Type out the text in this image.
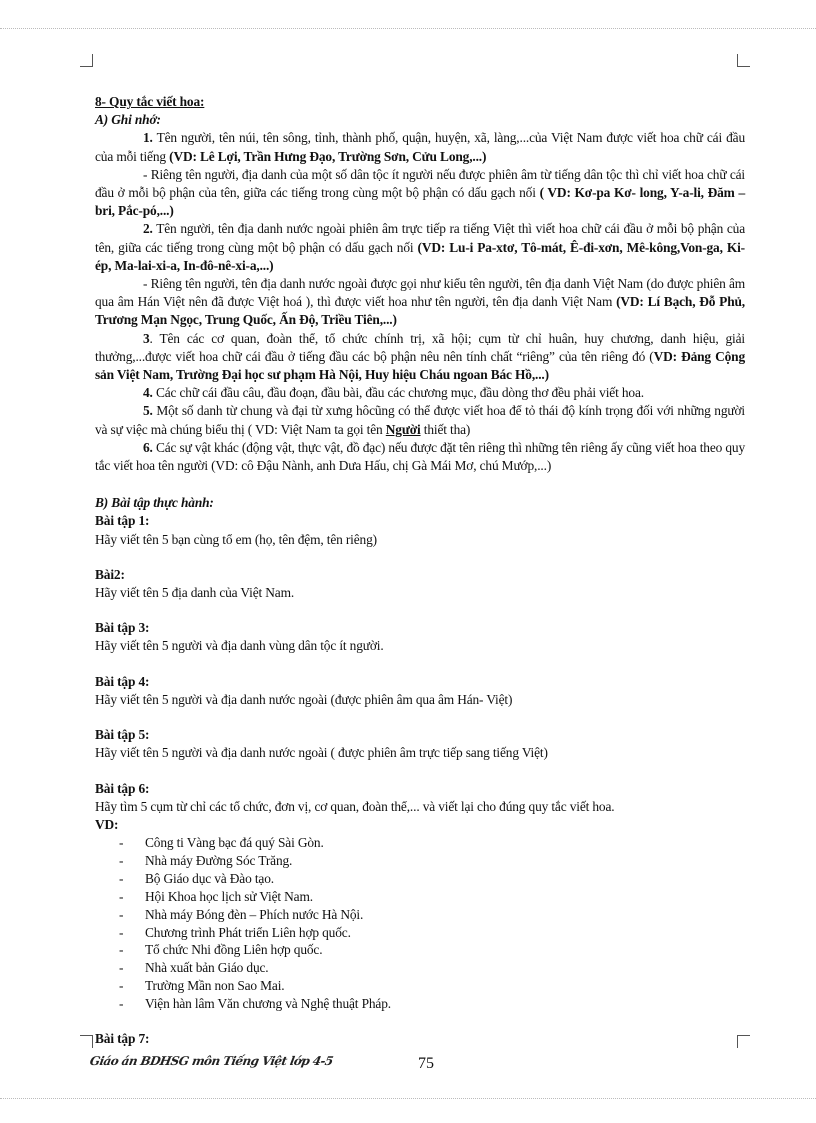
8- Quy tắc viết hoa:

A) Ghi nhớ:

1. Tên người, tên núi, tên sông, tỉnh, thành phố, quận, huyện, xã, làng,...của Việt Nam được viết hoa chữ cái đầu của mỗi tiếng (VD: Lê Lợi, Trần Hưng Đạo, Trường Sơn, Cửu Long,...)

- Riêng tên người, địa danh của một số dân tộc ít người nếu được phiên âm từ tiếng dân tộc thì chỉ viết hoa chữ cái đầu ở mỗi bộ phận của tên, giữa các tiếng trong cùng một bộ phận có dấu gạch nối ( VD: Kơ-pa Kơ- long, Y-a-li, Đăm –bri, Pắc-pó,...)

2. Tên người, tên địa danh nước ngoài phiên âm trực tiếp ra tiếng Việt thì viết hoa chữ cái đầu ở mỗi bộ phận của tên, giữa các tiếng trong cùng một bộ phận có dấu gạch nối (VD: Lu-i Pa-xtơ, Tô-mát, Ê-đi-xơn, Mê-kông,Von-ga, Ki-ép, Ma-lai-xi-a, In-đô-nê-xi-a,...)

- Riêng tên người, tên địa danh nước ngoài được gọi như kiểu tên người, tên địa danh Việt Nam (do được phiên âm qua âm Hán Việt nên đã được Việt hoá ), thì được viết hoa như tên người, tên địa danh Việt Nam (VD: Lí Bạch, Đỗ Phủ, Trương Mạn Ngọc, Trung Quốc, Ấn Độ, Triều Tiên,...)

3. Tên các cơ quan, đoàn thể, tổ chức chính trị, xã hội; cụm từ chỉ huân, huy chương, danh hiệu, giải thưởng,...được viết hoa chữ cái đầu ở tiếng đầu các bộ phận nêu nên tính chất “riêng” của tên riêng đó (VD: Đảng Cộng sản Việt Nam, Trường Đại học sư phạm Hà Nội, Huy hiệu Cháu ngoan Bác Hồ,...)

4. Các chữ cái đầu câu, đầu đoạn, đầu bài, đầu các chương mục, đầu dòng thơ đều phải viết hoa.

5. Một số danh từ chung và đại từ xưng hôcũng có thể được viết hoa để tỏ thái độ kính trọng đối với những người và sự việc mà chúng biểu thị ( VD: Việt Nam ta gọi tên Người thiết tha)

6. Các sự vật khác (động vật, thực vật, đồ đạc) nếu được đặt tên riêng thì những tên riêng ấy cũng viết hoa theo quy tắc viết hoa tên người (VD: cô Đậu Nành, anh Dưa Hấu, chị Gà Mái Mơ, chú Mướp,...)

B) Bài tập thực hành:

Bài tập 1:

Hãy viết tên 5 bạn cùng tổ em (họ, tên đệm, tên riêng)

Bài2:

Hãy viết tên 5 địa danh của Việt Nam.

Bài tập 3:

Hãy viết tên 5 người và địa danh vùng dân tộc ít người.

Bài tập 4:

Hãy viết tên 5 người và địa danh nước ngoài (được phiên âm qua âm Hán- Việt)

Bài tập 5:

Hãy viết tên 5 người và địa danh nước ngoài ( được phiên âm trực tiếp sang tiếng Việt)

Bài tập 6:

Hãy tìm 5 cụm từ chỉ các tổ chức, đơn vị, cơ quan, đoàn thể,... và viết lại cho đúng quy tắc viết hoa.

VD:

- Công ti Vàng bạc đá quý Sài Gòn.
- Nhà máy Đường Sóc Trăng.
- Bộ Giáo dục và Đào tạo.
- Hội Khoa học lịch sử Việt Nam.
- Nhà máy Bóng đèn – Phích nước Hà Nội.
- Chương trình Phát triển Liên hợp quốc.
- Tổ chức Nhi đồng Liên hợp quốc.
- Nhà xuất bản Giáo dục.
- Trường Mần non Sao Mai.
- Viện hàn lâm Văn chương và Nghệ thuật Pháp.

Bài tập 7:

Giáo án BDHSG môn Tiếng Việt lớp 4-5	75
